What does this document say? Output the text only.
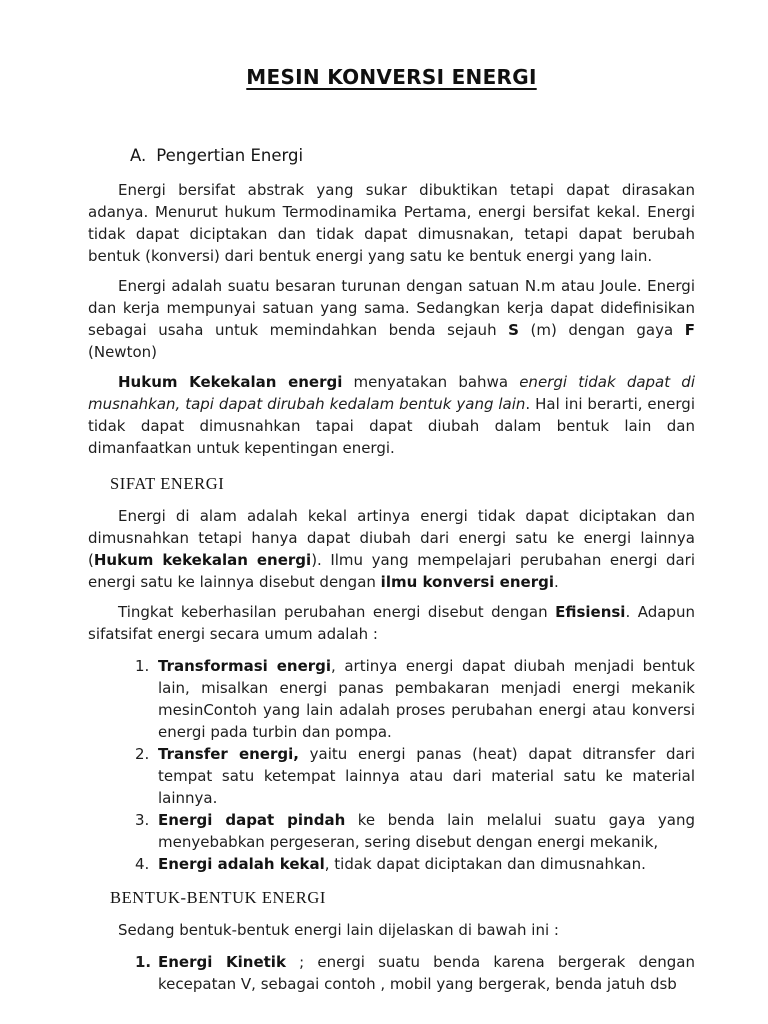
MESIN KONVERSI ENERGI
A. Pengertian Energi
Energi bersifat abstrak yang sukar dibuktikan tetapi dapat dirasakan adanya. Menurut hukum Termodinamika Pertama, energi bersifat kekal. Energi tidak dapat diciptakan dan tidak dapat dimusnakan, tetapi dapat berubah bentuk (konversi) dari bentuk energi yang satu ke bentuk energi yang lain.
Energi adalah suatu besaran turunan dengan satuan N.m atau Joule. Energi dan kerja mempunyai satuan yang sama. Sedangkan kerja dapat didefinisikan sebagai usaha untuk memindahkan benda sejauh S (m) dengan gaya F (Newton)
Hukum Kekekalan energi menyatakan bahwa energi tidak dapat di musnahkan, tapi dapat dirubah kedalam bentuk yang lain. Hal ini berarti, energi tidak dapat dimusnahkan tapai dapat diubah dalam bentuk lain dan dimanfaatkan untuk kepentingan energi.
SIFAT ENERGI
Energi di alam adalah kekal artinya energi tidak dapat diciptakan dan dimusnahkan tetapi hanya dapat diubah dari energi satu ke energi lainnya (Hukum kekekalan energi). Ilmu yang mempelajari perubahan energi dari energi satu ke lainnya disebut dengan ilmu konversi energi.
Tingkat keberhasilan perubahan energi disebut dengan Efisiensi. Adapun sifatsifat energi secara umum adalah :
1. Transformasi energi, artinya energi dapat diubah menjadi bentuk lain, misalkan energi panas pembakaran menjadi energi mekanik mesinContoh yang lain adalah proses perubahan energi atau konversi energi pada turbin dan pompa.
2. Transfer energi, yaitu energi panas (heat) dapat ditransfer dari tempat satu ketempat lainnya atau dari material satu ke material lainnya.
3. Energi dapat pindah ke benda lain melalui suatu gaya yang menyebabkan pergeseran, sering disebut dengan energi mekanik,
4. Energi adalah kekal, tidak dapat diciptakan dan dimusnahkan.
BENTUK-BENTUK ENERGI
Sedang bentuk-bentuk energi lain dijelaskan di bawah ini :
1. Energi Kinetik ; energi suatu benda karena bergerak dengan kecepatan V, sebagai contoh , mobil yang bergerak, benda jatuh dsb
